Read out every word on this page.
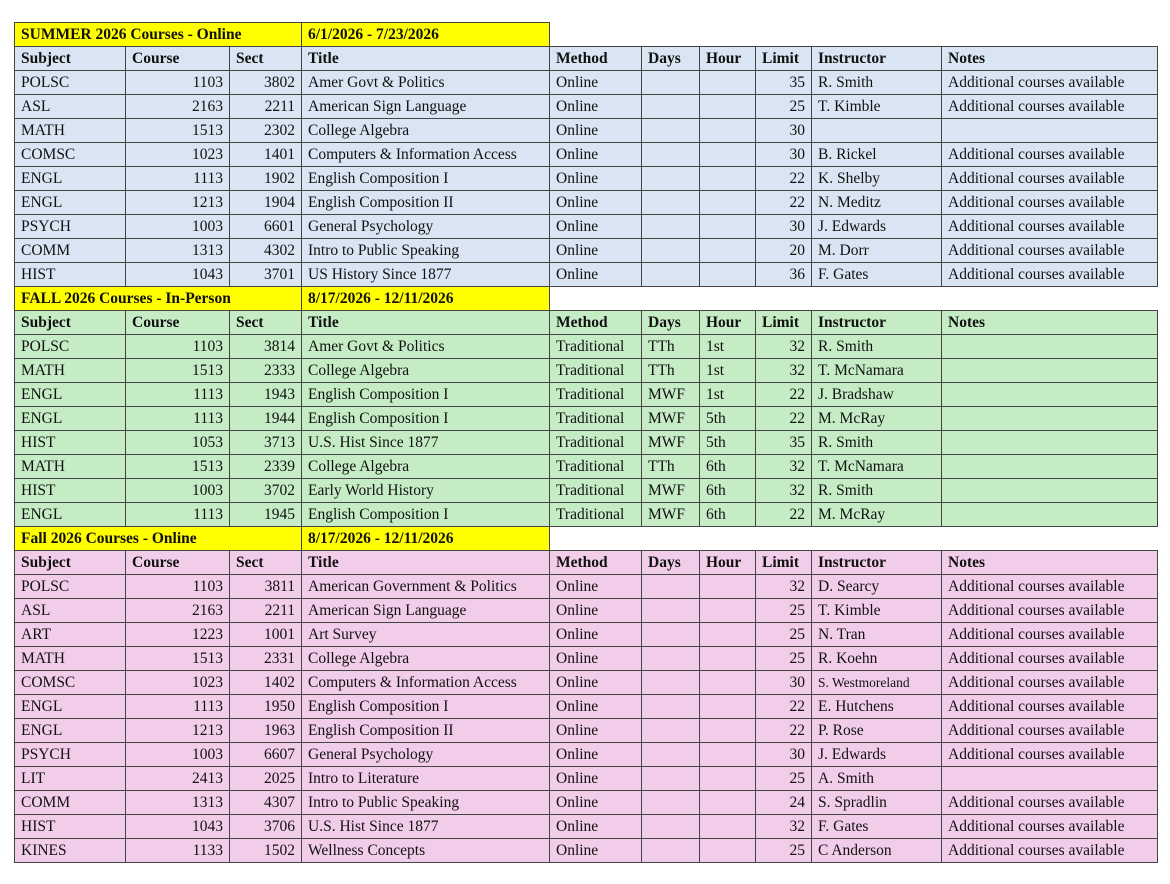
SUMMER 2026 Courses - Online			6/1/2026 - 7/23/2026						
Subject	Course	Sect	Title	Method	Days	Hour	Limit	Instructor	Notes
POLSC	1103	3802	Amer Govt & Politics	Online			35	R. Smith	Additional courses available
ASL	2163	2211	American Sign Language	Online			25	T. Kimble	Additional courses available
MATH	1513	2302	College Algebra	Online			30		
COMSC	1023	1401	Computers & Information Access	Online			30	B. Rickel	Additional courses available
ENGL	1113	1902	English Composition I	Online			22	K. Shelby	Additional courses available
ENGL	1213	1904	English Composition II	Online			22	N. Meditz	Additional courses available
PSYCH	1003	6601	General Psychology	Online			30	J. Edwards	Additional courses available
COMM	1313	4302	Intro to Public Speaking	Online			20	M. Dorr	Additional courses available
HIST	1043	3701	US History Since 1877	Online			36	F. Gates	Additional courses available
FALL 2026 Courses - In-Person			8/17/2026 - 12/11/2026						
Subject	Course	Sect	Title	Method	Days	Hour	Limit	Instructor	Notes
POLSC	1103	3814	Amer Govt & Politics	Traditional	TTh	1st	32	R. Smith	
MATH	1513	2333	College Algebra	Traditional	TTh	1st	32	T. McNamara	
ENGL	1113	1943	English Composition I	Traditional	MWF	1st	22	J. Bradshaw	
ENGL	1113	1944	English Composition I	Traditional	MWF	5th	22	M. McRay	
HIST	1053	3713	U.S. Hist Since 1877	Traditional	MWF	5th	35	R. Smith	
MATH	1513	2339	College Algebra	Traditional	TTh	6th	32	T. McNamara	
HIST	1003	3702	Early World History	Traditional	MWF	6th	32	R. Smith	
ENGL	1113	1945	English Composition I	Traditional	MWF	6th	22	M. McRay	
Fall 2026 Courses - Online			8/17/2026 - 12/11/2026						
Subject	Course	Sect	Title	Method	Days	Hour	Limit	Instructor	Notes
POLSC	1103	3811	American Government & Politics	Online			32	D. Searcy	Additional courses available
ASL	2163	2211	American Sign Language	Online			25	T. Kimble	Additional courses available
ART	1223	1001	Art Survey	Online			25	N. Tran	Additional courses available
MATH	1513	2331	College Algebra	Online			25	R. Koehn	Additional courses available
COMSC	1023	1402	Computers & Information Access	Online			30	S. Westmoreland	Additional courses available
ENGL	1113	1950	English Composition I	Online			22	E. Hutchens	Additional courses available
ENGL	1213	1963	English Composition II	Online			22	P. Rose	Additional courses available
PSYCH	1003	6607	General Psychology	Online			30	J. Edwards	Additional courses available
LIT	2413	2025	Intro to Literature	Online			25	A. Smith	
COMM	1313	4307	Intro to Public Speaking	Online			24	S. Spradlin	Additional courses available
HIST	1043	3706	U.S. Hist Since 1877	Online			32	F. Gates	Additional courses available
KINES	1133	1502	Wellness Concepts	Online			25	C Anderson	Additional courses available
